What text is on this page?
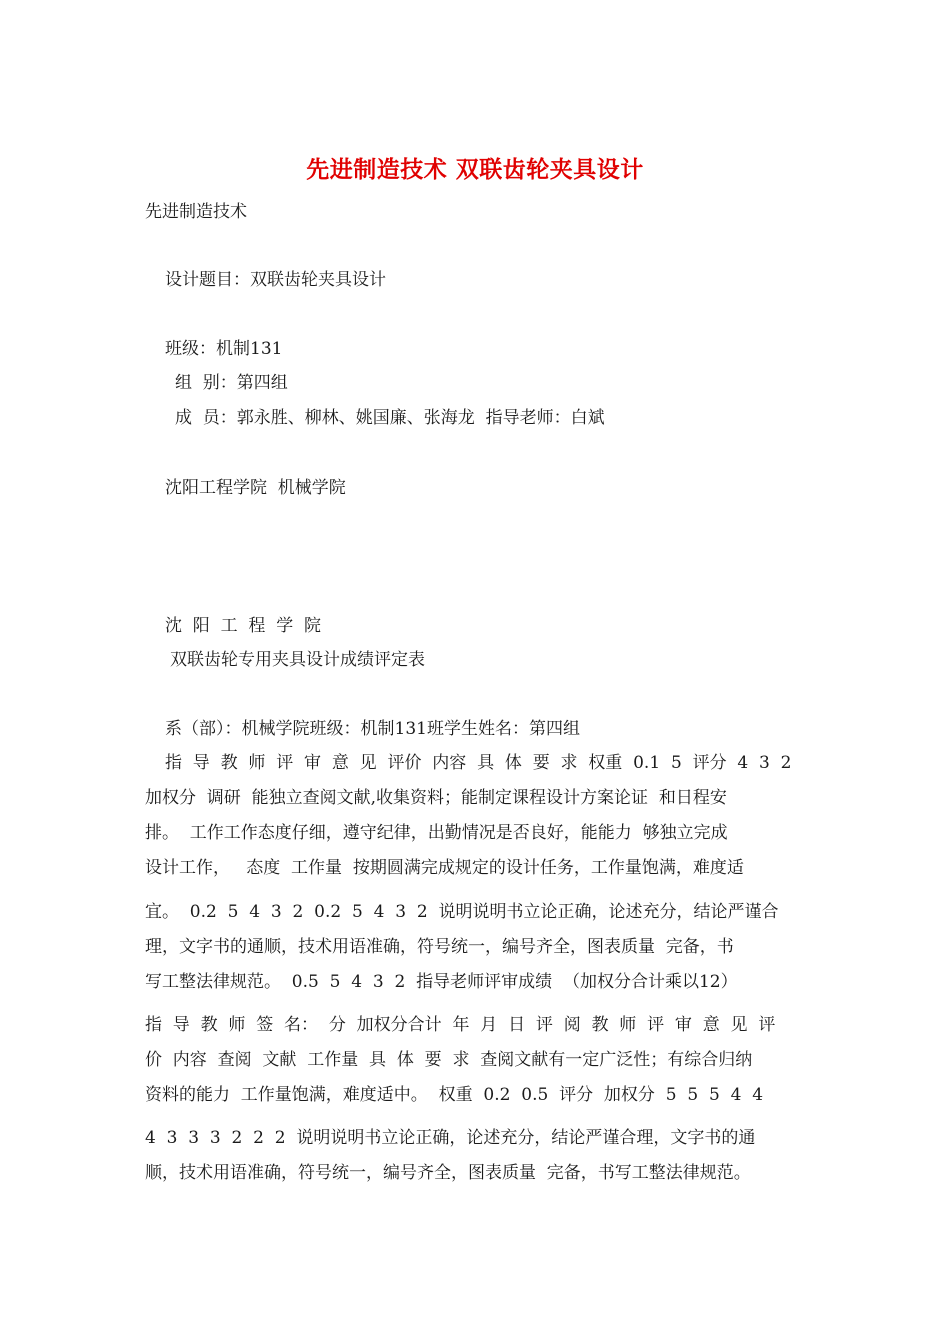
先进制造技术 双联齿轮夹具设计
先进制造技术
设计题目：双联齿轮夹具设计
班级：机制131
组  别：第四组
成  员：郭永胜、柳林、姚国廉、张海龙  指导老师：白斌
沈阳工程学院  机械学院
沈  阳  工  程  学  院
双联齿轮专用夹具设计成绩评定表
系（部）：机械学院班级：机制131班学生姓名：第四组
指  导  教  师  评  审  意  见  评价  内容  具  体  要  求  权重  0.1  5  评分  4  3  2
加权分  调研  能独立查阅文献,收集资料；能制定课程设计方案论证  和日程安
排。  工作工作态度仔细，遵守纪律，出勤情况是否良好，能能力  够独立完成
设计工作，   态度  工作量  按期圆满完成规定的设计任务，工作量饱满，难度适
宜。  0.2  5  4  3  2  0.2  5  4  3  2  说明说明书立论正确，论述充分，结论严谨合
理，文字书的通顺，技术用语准确，符号统一，编号齐全，图表质量  完备，书
写工整法律规范。  0.5  5  4  3  2  指导老师评审成绩  （加权分合计乘以12）
指  导  教  师  签  名：  分  加权分合计  年  月  日  评  阅  教  师  评  审  意  见  评
价  内容  查阅  文献  工作量  具  体  要  求  查阅文献有一定广泛性；有综合归纳
资料的能力  工作量饱满，难度适中。  权重  0.2  0.5  评分  加权分  5  5  5  4  4
4  3  3  3  2  2  2  说明说明书立论正确，论述充分，结论严谨合理，文字书的通
顺，技术用语准确，符号统一，编号齐全，图表质量  完备，书写工整法律规范。
